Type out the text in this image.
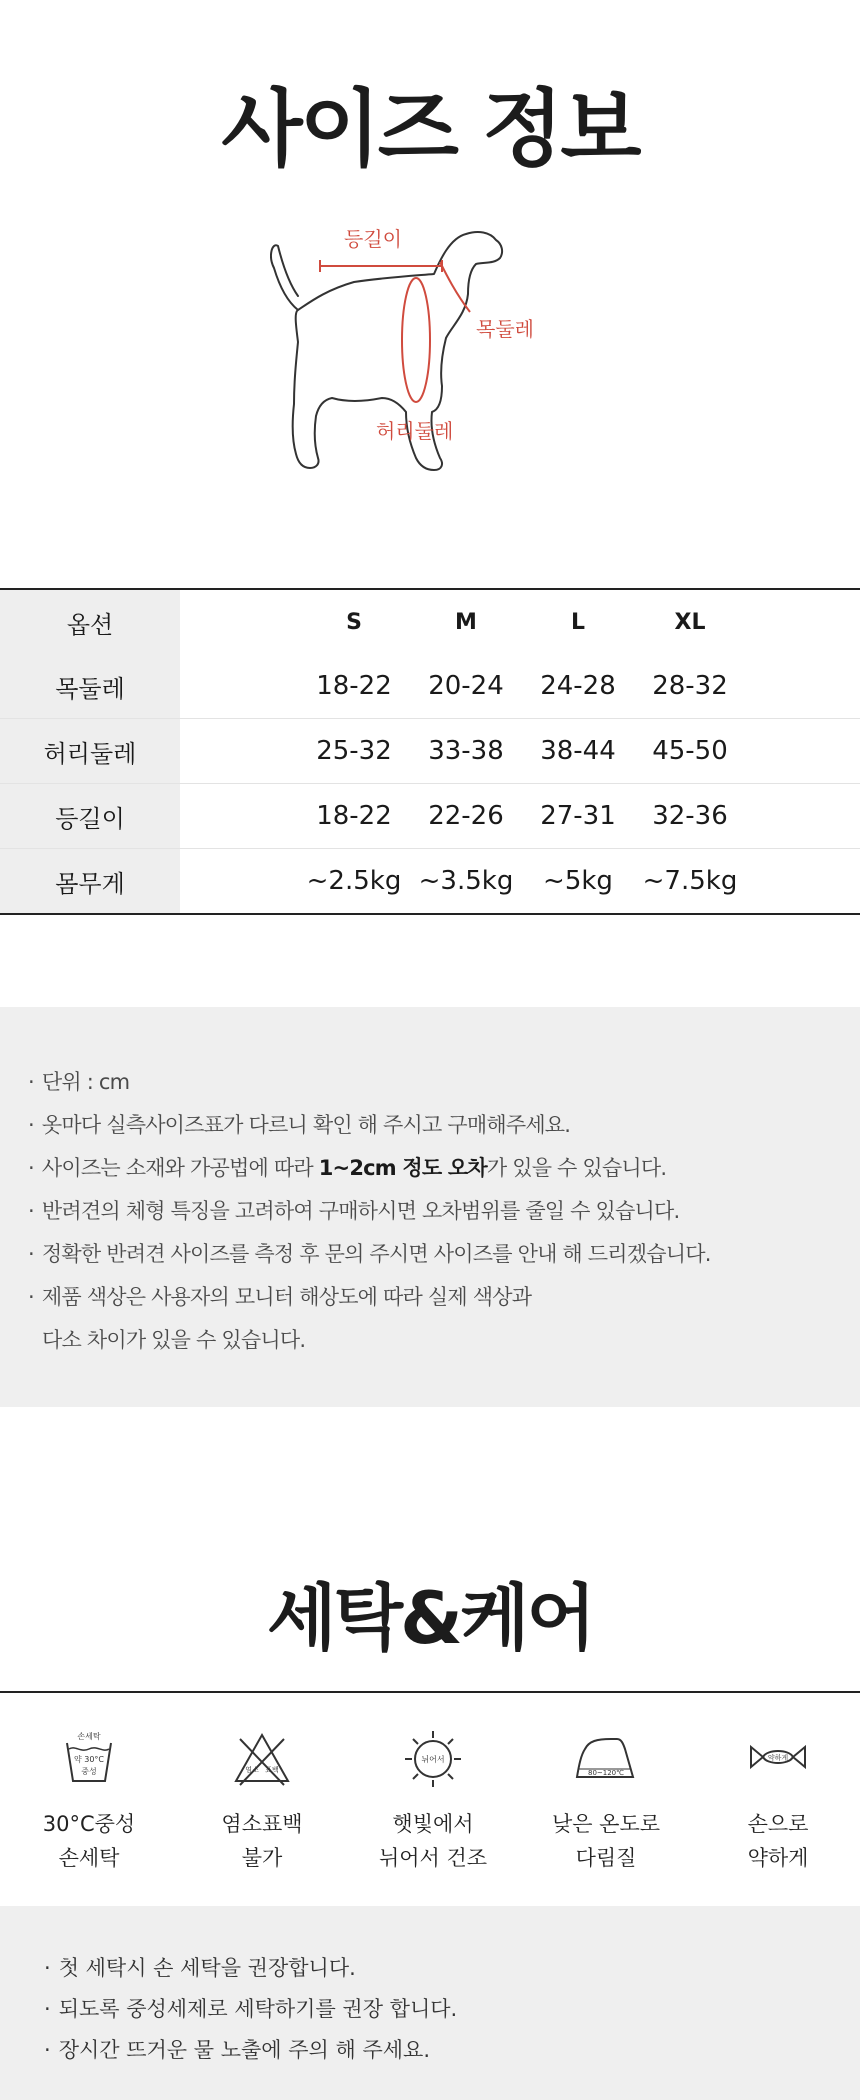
사이즈 정보
등길이
목둘레
허리둘레
옵션		S	M	L	XL	
목둘레		18-22	20-24	24-28	28-32	
허리둘레		25-32	33-38	38-44	45-50	
등길이		18-22	22-26	27-31	32-36	
몸무게		~2.5kg	~3.5kg	~5kg	~7.5kg	
· 단위 : cm
· 옷마다 실측사이즈표가 다르니 확인 해 주시고 구매해주세요.
· 사이즈는 소재와 가공법에 따라 1~2cm 정도 오차가 있을 수 있습니다.
· 반려견의 체형 특징을 고려하여 구매하시면 오차범위를 줄일 수 있습니다.
· 정확한 반려견 사이즈를 측정 후 문의 주시면 사이즈를 안내 해 드리겠습니다.
· 제품 색상은 사용자의 모니터 해상도에 따라 실제 색상과
다소 차이가 있을 수 있습니다.
세탁&케어
손세탁
약 30°C
중성
30°C중성
손세탁
염소 표백
염소표백
불가
뉘어서
햇빛에서
뉘어서 건조
80~120℃
낮은 온도로
다림질
약하게
손으로
약하게
· 첫 세탁시 손 세탁을 권장합니다.
· 되도록 중성세제로 세탁하기를 권장 합니다.
· 장시간 뜨거운 물 노출에 주의 해 주세요.
